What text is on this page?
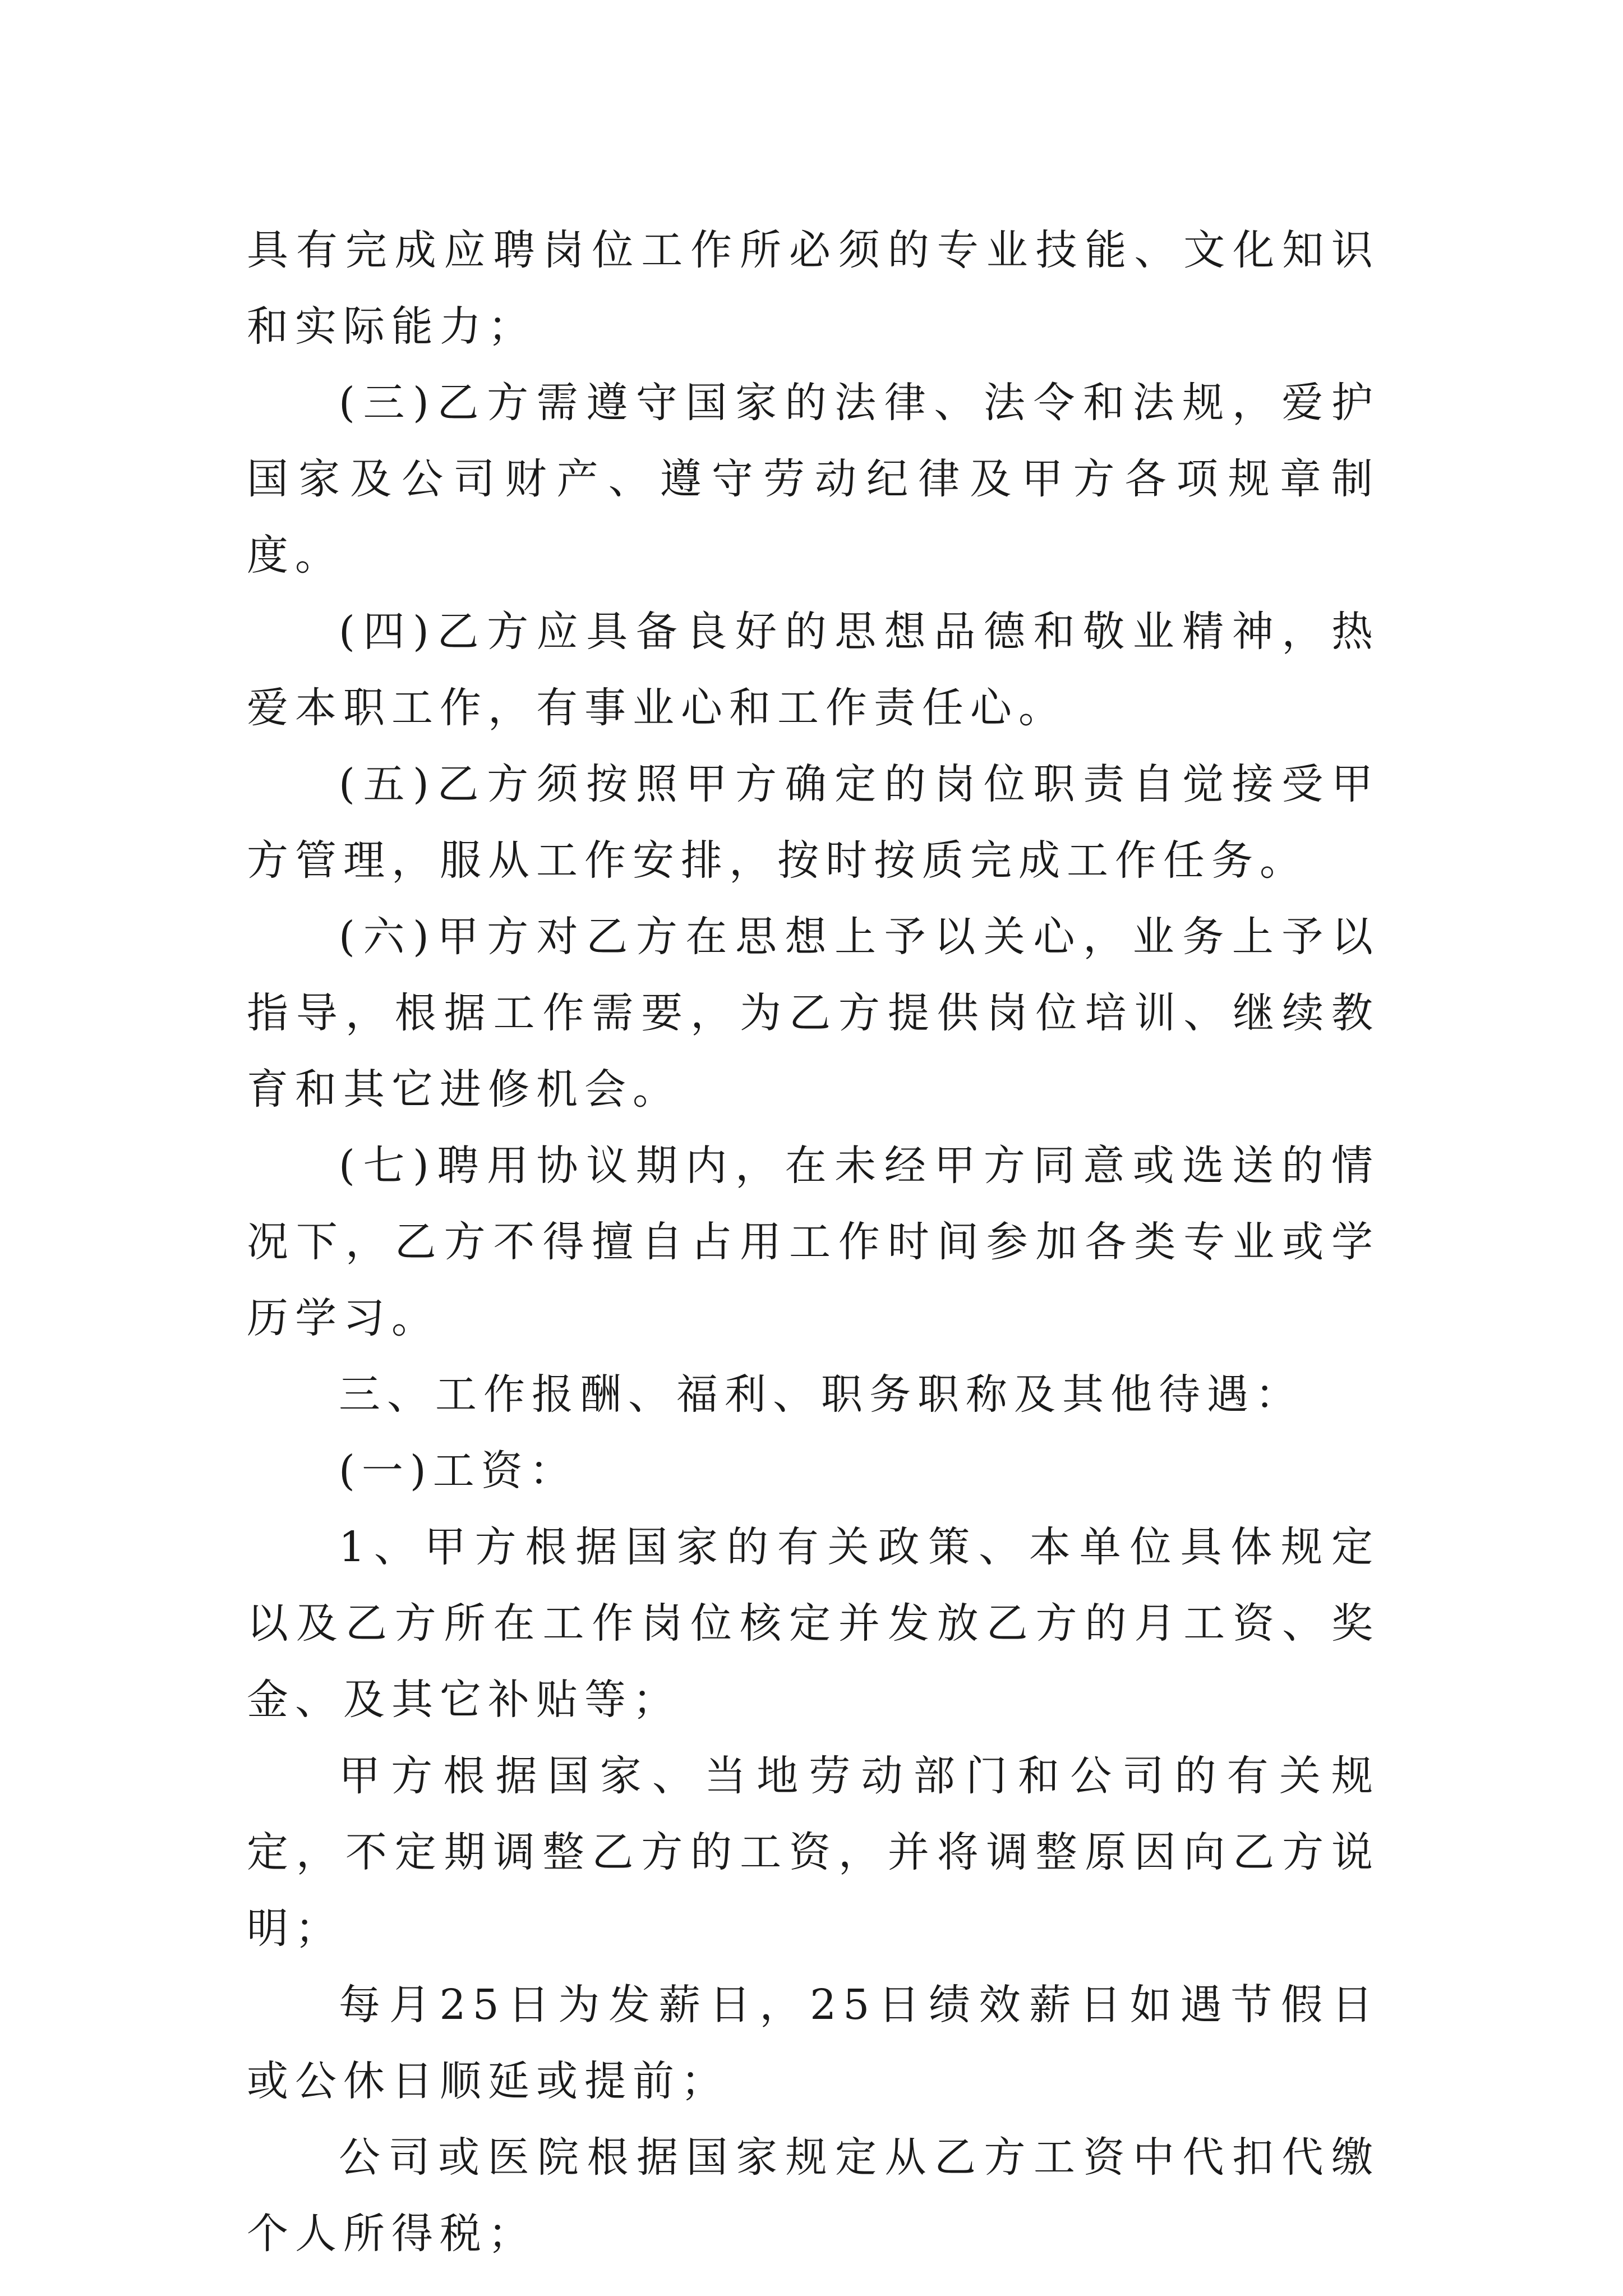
具有完成应聘岗位工作所必须的专业技能、文化知识和实际能力；

(三)乙方需遵守国家的法律、法令和法规，爱护国家及公司财产、遵守劳动纪律及甲方各项规章制度。

(四)乙方应具备良好的思想品德和敬业精神，热爱本职工作，有事业心和工作责任心。

(五)乙方须按照甲方确定的岗位职责自觉接受甲方管理，服从工作安排，按时按质完成工作任务。

(六)甲方对乙方在思想上予以关心，业务上予以指导，根据工作需要，为乙方提供岗位培训、继续教育和其它进修机会。

(七)聘用协议期内，在未经甲方同意或选送的情况下，乙方不得擅自占用工作时间参加各类专业或学历学习。

三、工作报酬、福利、职务职称及其他待遇：

(一)工资：

1、甲方根据国家的有关政策、本单位具体规定以及乙方所在工作岗位核定并发放乙方的月工资、奖金、及其它补贴等；

甲方根据国家、当地劳动部门和公司的有关规定，不定期调整乙方的工资，并将调整原因向乙方说明；

每月25日为发薪日，25日绩效薪日如遇节假日或公休日顺延或提前；

公司或医院根据国家规定从乙方工资中代扣代缴个人所得税；
